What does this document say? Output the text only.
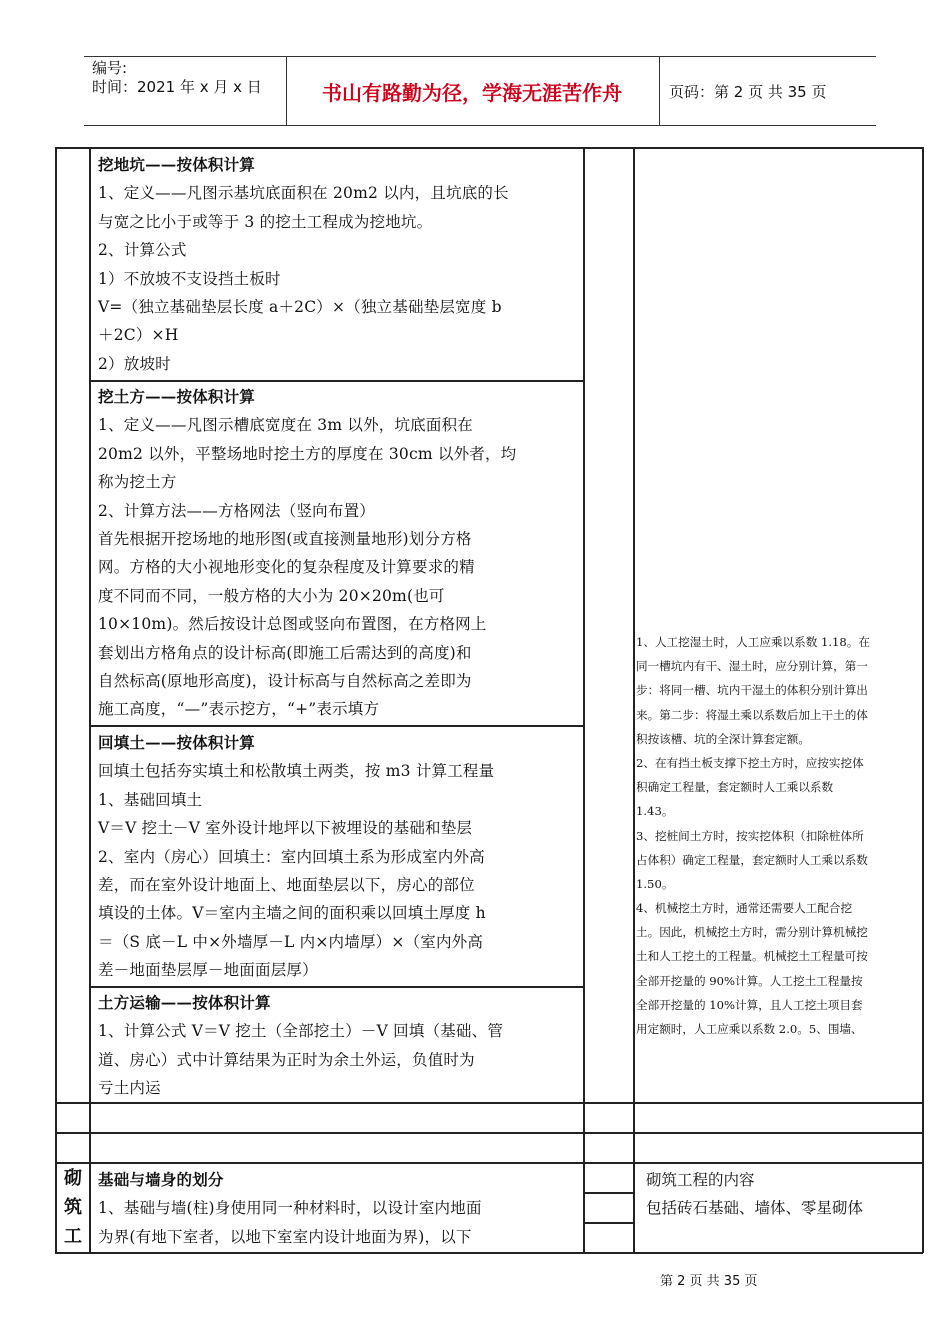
编号:
时间：2021 年 x 月 x 日	书山有路勤为径，学海无涯苦作舟	页码：第 2 页 共 35 页
挖地坑——按体积计算
1、定义——凡图示基坑底面积在 20m2 以内，且坑底的长
与宽之比小于或等于 3 的挖土工程成为挖地坑。
2、计算公式
1）不放坡不支设挡土板时
V=（独立基础垫层长度 a＋2C）×（独立基础垫层宽度 b
＋2C）×H
2）放坡时
挖土方——按体积计算
1、定义——凡图示槽底宽度在 3m 以外，坑底面积在
20m2 以外，平整场地时挖土方的厚度在 30cm 以外者，均
称为挖土方
2、计算方法——方格网法（竖向布置）
首先根据开挖场地的地形图(或直接测量地形)划分方格
网。方格的大小视地形变化的复杂程度及计算要求的精
度不同而不同，一般方格的大小为 20×20m(也可
10×10m)。然后按设计总图或竖向布置图，在方格网上
套划出方格角点的设计标高(即施工后需达到的高度)和
自然标高(原地形高度)，设计标高与自然标高之差即为
施工高度，“—”表示挖方，“+”表示填方
回填土——按体积计算
回填土包括夯实填土和松散填土两类，按 m3 计算工程量
1、基础回填土
V＝V 挖土－V 室外设计地坪以下被埋设的基础和垫层
2、室内（房心）回填土：室内回填土系为形成室内外高
差，而在室外设计地面上、地面垫层以下，房心的部位
填设的土体。V＝室内主墙之间的面积乘以回填土厚度 h
＝（S 底－L 中×外墙厚－L 内×内墙厚）×（室内外高
差－地面垫层厚－地面面层厚）
土方运输——按体积计算
1、计算公式 V＝V 挖土（全部挖土）－V 回填（基础、管
道、房心）式中计算结果为正时为余土外运，负值时为
亏土内运
1、人工挖湿土时，人工应乘以系数 1.18。在
同一槽坑内有干、湿土时，应分别计算，第一
步：将同一槽、坑内干湿土的体积分别计算出
来。第二步：将湿土乘以系数后加上干土的体
积按该槽、坑的全深计算套定额。
2、在有挡土板支撑下挖土方时，应按实挖体
积确定工程量，套定额时人工乘以系数
1.43。
3、挖桩间土方时，按实挖体积（扣除桩体所
占体积）确定工程量，套定额时人工乘以系数
1.50。
4、机械挖土方时，通常还需要人工配合挖
土。因此，机械挖土方时，需分别计算机械挖
土和人工挖土的工程量。机械挖土工程量可按
全部开挖量的 90%计算。人工挖土工程量按
全部开挖量的 10%计算，且人工挖土项目套
用定额时，人工应乘以系数 2.0。5、围墙、
砌
筑
工
基础与墙身的划分
1、基础与墙(柱)身使用同一种材料时，以设计室内地面
为界(有地下室者，以地下室室内设计地面为界)，以下
砌筑工程的内容
包括砖石基础、墙体、零星砌体
第 2 页 共 35 页
